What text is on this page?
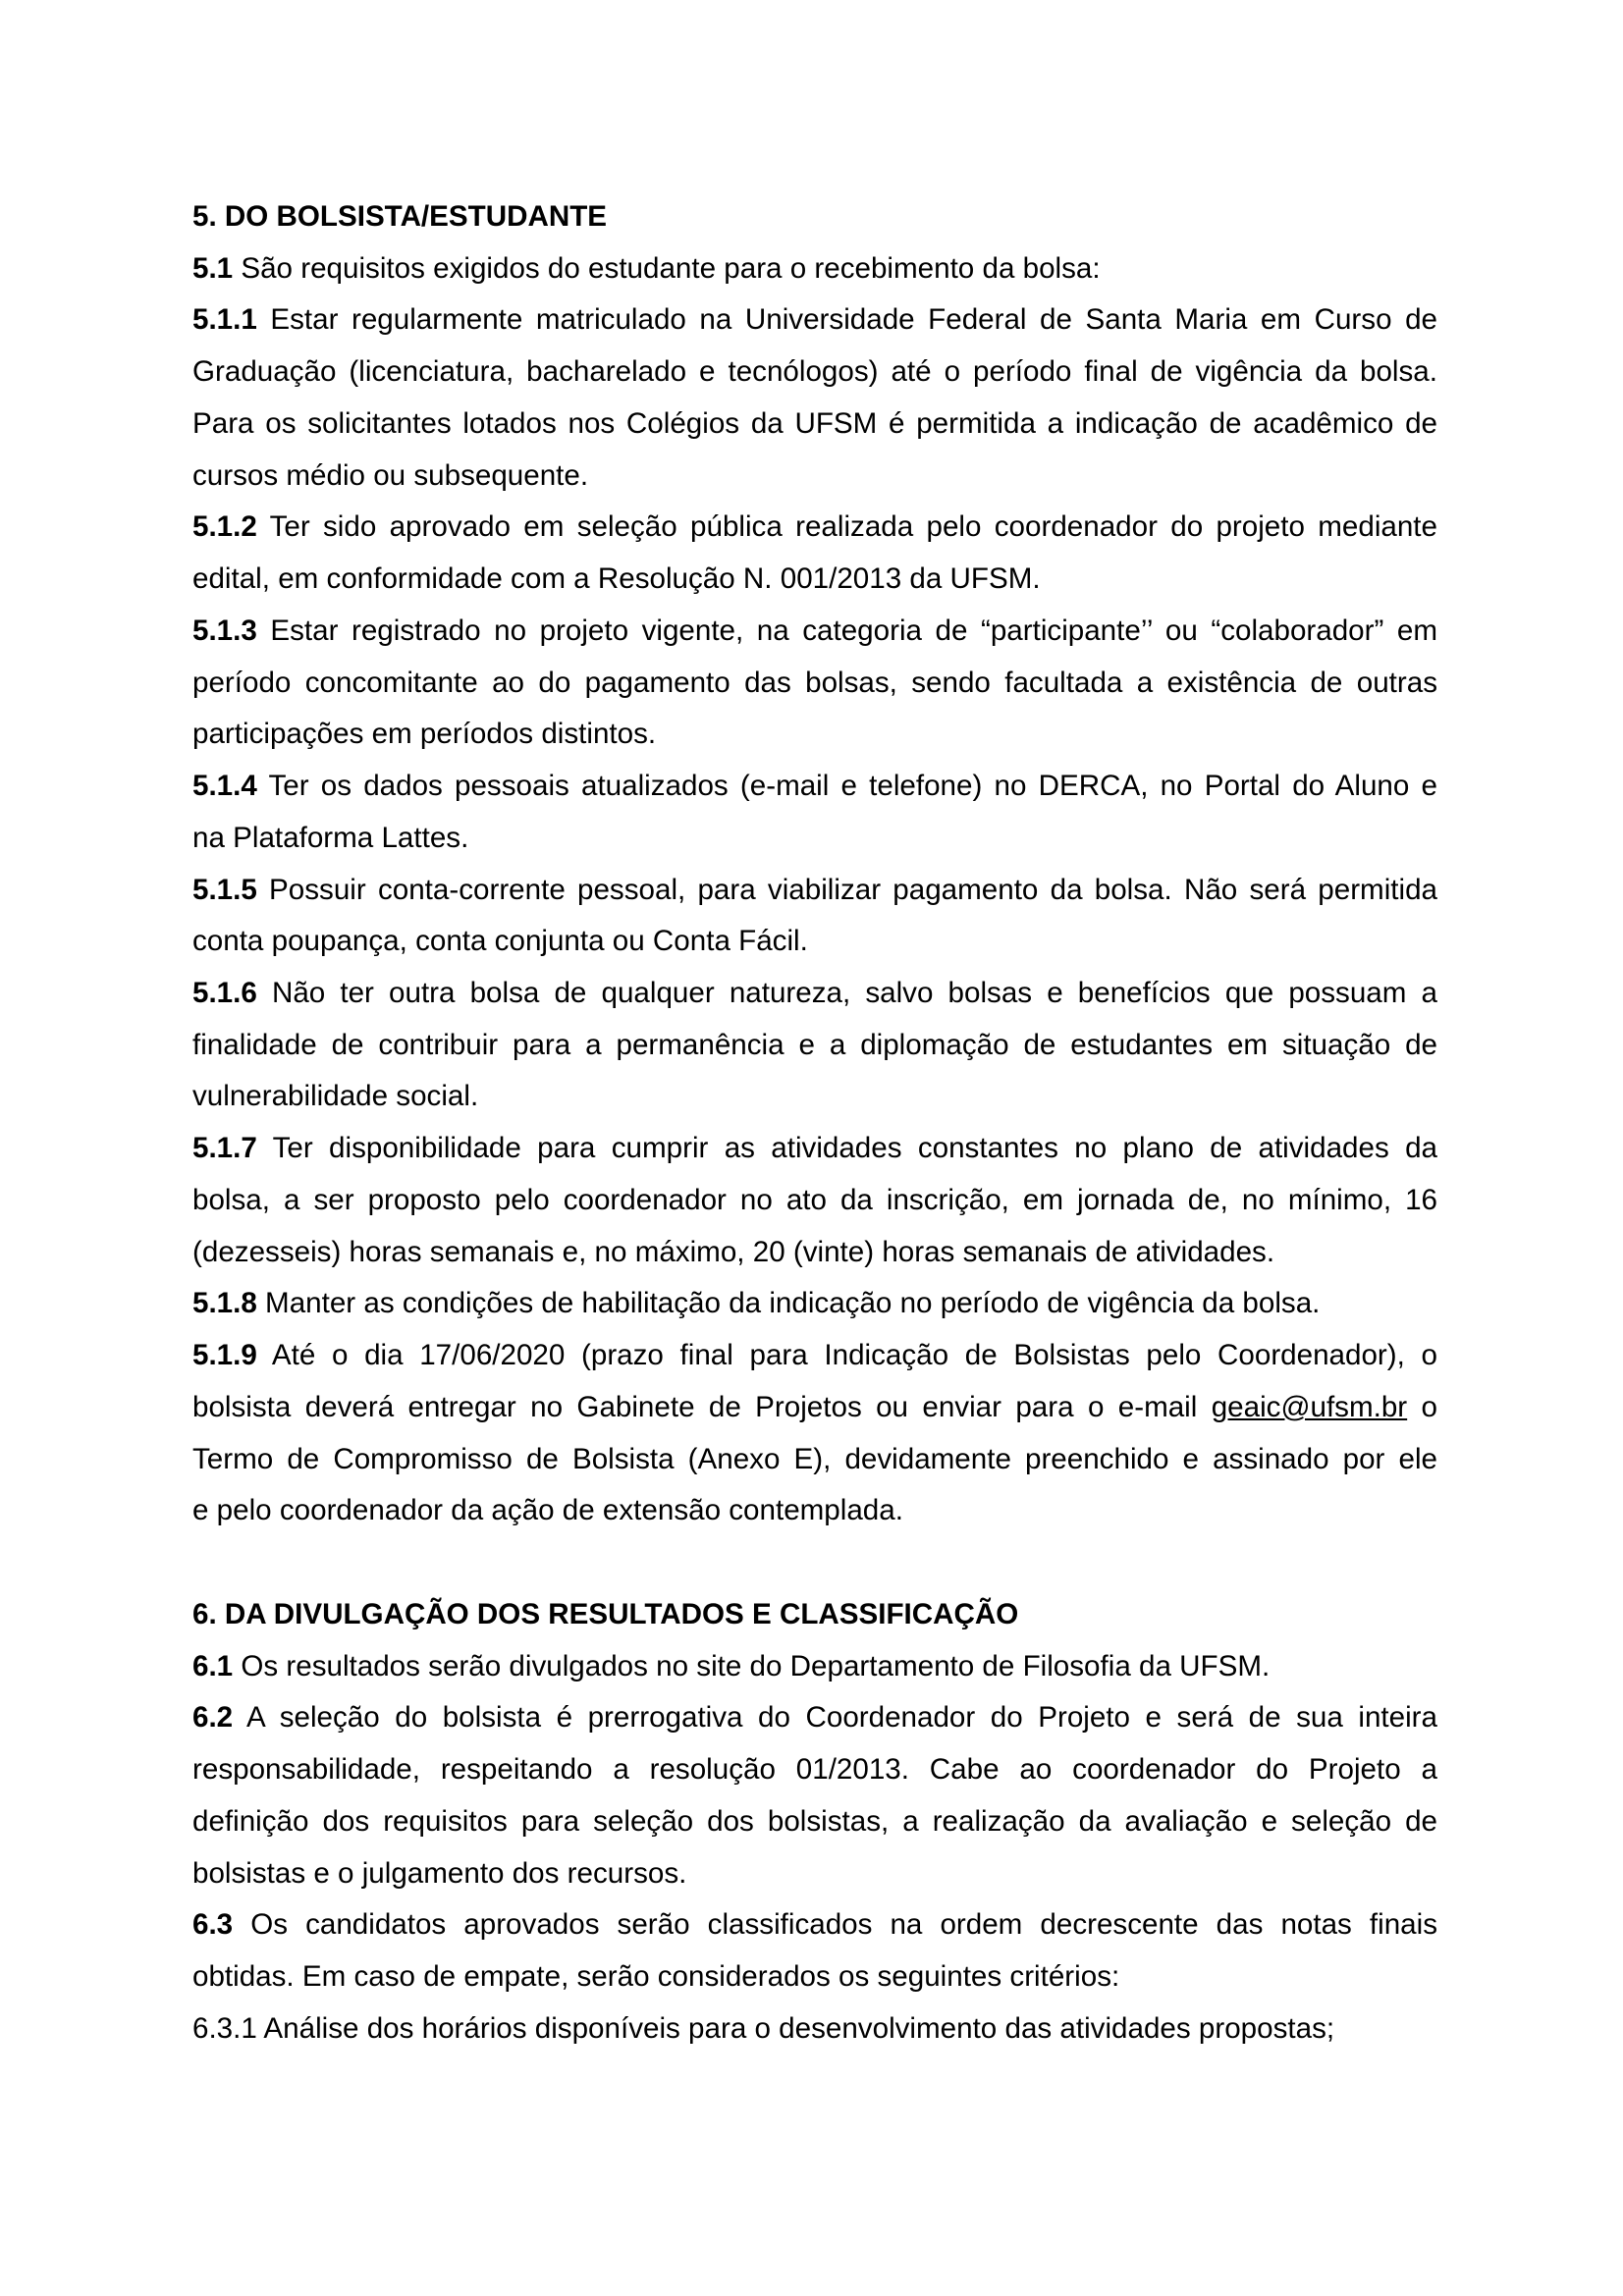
5. DO BOLSISTA/ESTUDANTE
5.1 São requisitos exigidos do estudante para o recebimento da bolsa:
5.1.1 Estar regularmente matriculado na Universidade Federal de Santa Maria em Curso de
Graduação (licenciatura, bacharelado e tecnólogos) até o período final de vigência da bolsa.
Para os solicitantes lotados nos Colégios da UFSM é permitida a indicação de acadêmico de
cursos médio ou subsequente.
5.1.2 Ter sido aprovado em seleção pública realizada pelo coordenador do projeto mediante
edital, em conformidade com a Resolução N. 001/2013 da UFSM.
5.1.3 Estar registrado no projeto vigente, na categoria de “participante’’ ou “colaborador” em
período concomitante ao do pagamento das bolsas, sendo facultada a existência de outras
participações em períodos distintos.
5.1.4 Ter os dados pessoais atualizados (e-mail e telefone) no DERCA, no Portal do Aluno e
na Plataforma Lattes.
5.1.5 Possuir conta-corrente pessoal, para viabilizar pagamento da bolsa. Não será permitida
conta poupança, conta conjunta ou Conta Fácil.
5.1.6 Não ter outra bolsa de qualquer natureza, salvo bolsas e benefícios que possuam a
finalidade de contribuir para a permanência e a diplomação de estudantes em situação de
vulnerabilidade social.
5.1.7 Ter disponibilidade para cumprir as atividades constantes no plano de atividades da
bolsa, a ser proposto pelo coordenador no ato da inscrição, em jornada de, no mínimo, 16
(dezesseis) horas semanais e, no máximo, 20 (vinte) horas semanais de atividades.
5.1.8 Manter as condições de habilitação da indicação no período de vigência da bolsa.
5.1.9 Até o dia 17/06/2020 (prazo final para Indicação de Bolsistas pelo Coordenador), o
bolsista deverá entregar no Gabinete de Projetos ou enviar para o e-mail geaic@ufsm.br o
Termo de Compromisso de Bolsista (Anexo E), devidamente preenchido e assinado por ele
e pelo coordenador da ação de extensão contemplada.
6. DA DIVULGAÇÃO DOS RESULTADOS E CLASSIFICAÇÃO
6.1 Os resultados serão divulgados no site do Departamento de Filosofia da UFSM.
6.2 A seleção do bolsista é prerrogativa do Coordenador do Projeto e será de sua inteira
responsabilidade, respeitando a resolução 01/2013. Cabe ao coordenador do Projeto a
definição dos requisitos para seleção dos bolsistas, a realização da avaliação e seleção de
bolsistas e o julgamento dos recursos.
6.3 Os candidatos aprovados serão classificados na ordem decrescente das notas finais
obtidas. Em caso de empate, serão considerados os seguintes critérios:
6.3.1 Análise dos horários disponíveis para o desenvolvimento das atividades propostas;
